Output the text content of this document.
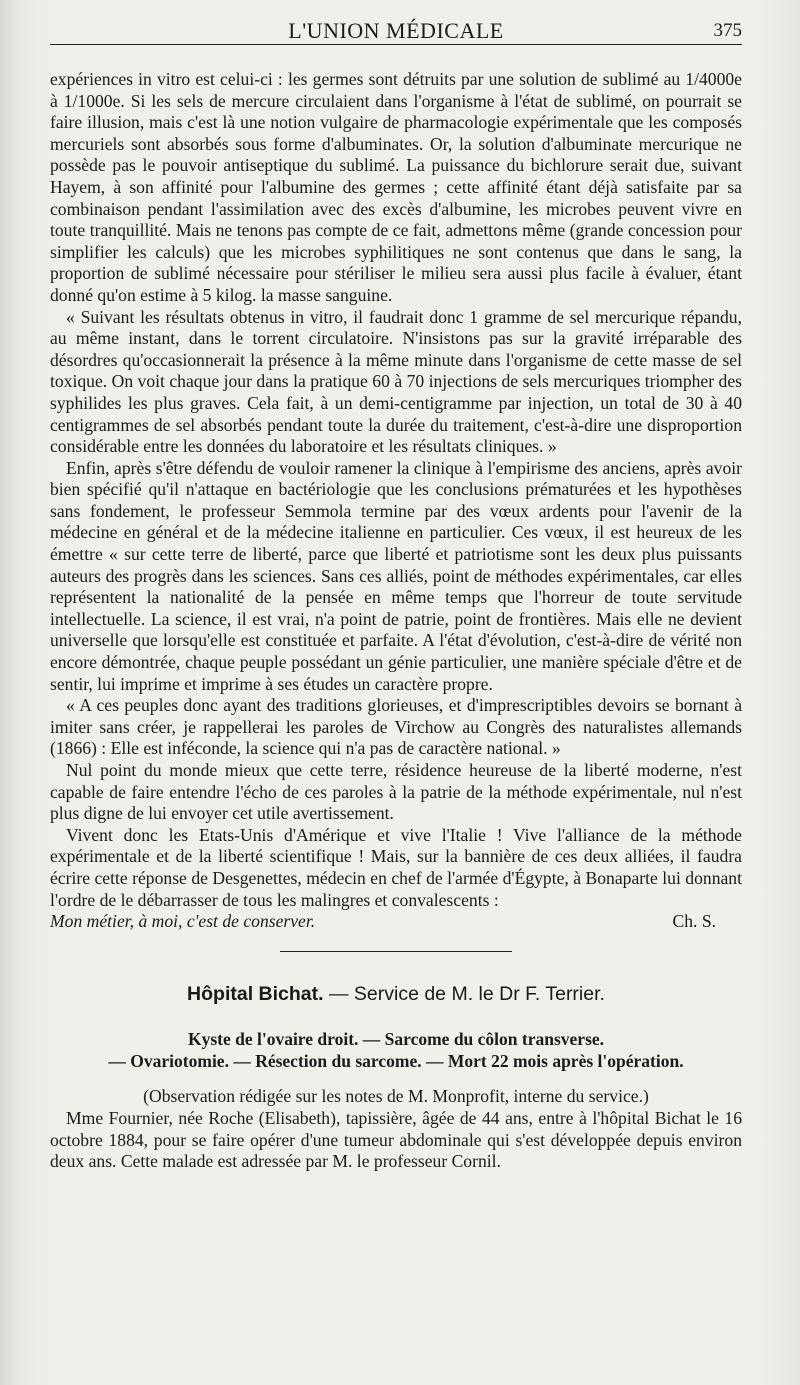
L'UNION MÉDICALE	375

expériences in vitro est celui-ci : les germes sont détruits par une solution de sublimé au 1/4000e à 1/1000e. Si les sels de mercure circulaient dans l'organisme à l'état de sublimé, on pourrait se faire illusion, mais c'est là une notion vulgaire de pharmacologie expérimentale que les composés mercuriels sont absorbés sous forme d'albuminates. Or, la solution d'albuminate mercurique ne possède pas le pouvoir antiseptique du sublimé. La puissance du bichlorure serait due, suivant Hayem, à son affinité pour l'albumine des germes ; cette affinité étant déjà satisfaite par sa combinaison pendant l'assimilation avec des excès d'albumine, les microbes peuvent vivre en toute tranquillité. Mais ne tenons pas compte de ce fait, admettons même (grande concession pour simplifier les calculs) que les microbes syphilitiques ne sont contenus que dans le sang, la proportion de sublimé nécessaire pour stériliser le milieu sera aussi plus facile à évaluer, étant donné qu'on estime à 5 kilog. la masse sanguine.

« Suivant les résultats obtenus in vitro, il faudrait donc 1 gramme de sel mercurique répandu, au même instant, dans le torrent circulatoire. N'insistons pas sur la gravité irréparable des désordres qu'occasionnerait la présence à la même minute dans l'organisme de cette masse de sel toxique. On voit chaque jour dans la pratique 60 à 70 injections de sels mercuriques triompher des syphilides les plus graves. Cela fait, à un demi-centigramme par injection, un total de 30 à 40 centigrammes de sel absorbés pendant toute la durée du traitement, c'est-à-dire une disproportion considérable entre les données du laboratoire et les résultats cliniques. »

Enfin, après s'être défendu de vouloir ramener la clinique à l'empirisme des anciens, après avoir bien spécifié qu'il n'attaque en bactériologie que les conclusions prématurées et les hypothèses sans fondement, le professeur Semmola termine par des vœux ardents pour l'avenir de la médecine en général et de la médecine italienne en particulier. Ces vœux, il est heureux de les émettre « sur cette terre de liberté, parce que liberté et patriotisme sont les deux plus puissants auteurs des progrès dans les sciences. Sans ces alliés, point de méthodes expérimentales, car elles représentent la nationalité de la pensée en même temps que l'horreur de toute servitude intellectuelle. La science, il est vrai, n'a point de patrie, point de frontières. Mais elle ne devient universelle que lorsqu'elle est constituée et parfaite. A l'état d'évolution, c'est-à-dire de vérité non encore démontrée, chaque peuple possédant un génie particulier, une manière spéciale d'être et de sentir, lui imprime et imprime à ses études un caractère propre.

« A ces peuples donc ayant des traditions glorieuses, et d'imprescriptibles devoirs se bornant à imiter sans créer, je rappellerai les paroles de Virchow au Congrès des naturalistes allemands (1866) : Elle est inféconde, la science qui n'a pas de caractère national. »

Nul point du monde mieux que cette terre, résidence heureuse de la liberté moderne, n'est capable de faire entendre l'écho de ces paroles à la patrie de la méthode expérimentale, nul n'est plus digne de lui envoyer cet utile avertissement.

Vivent donc les Etats-Unis d'Amérique et vive l'Italie ! Vive l'alliance de la méthode expérimentale et de la liberté scientifique ! Mais, sur la bannière de ces deux alliées, il faudra écrire cette réponse de Desgenettes, médecin en chef de l'armée d'Égypte, à Bonaparte lui donnant l'ordre de le débarrasser de tous les malingres et convalescents :

Mon métier, à moi, c'est de conserver.	Ch. S.
Hôpital Bichat. — Service de M. le Dr F. Terrier.
Kyste de l'ovaire droit. — Sarcome du côlon transverse.
— Ovariotomie. — Résection du sarcome. — Mort 22 mois après l'opération.
(Observation rédigée sur les notes de M. Monprofit, interne du service.)

Mme Fournier, née Roche (Elisabeth), tapissière, âgée de 44 ans, entre à l'hôpital Bichat le 16 octobre 1884, pour se faire opérer d'une tumeur abdominale qui s'est développée depuis environ deux ans. Cette malade est adressée par M. le professeur Cornil.
